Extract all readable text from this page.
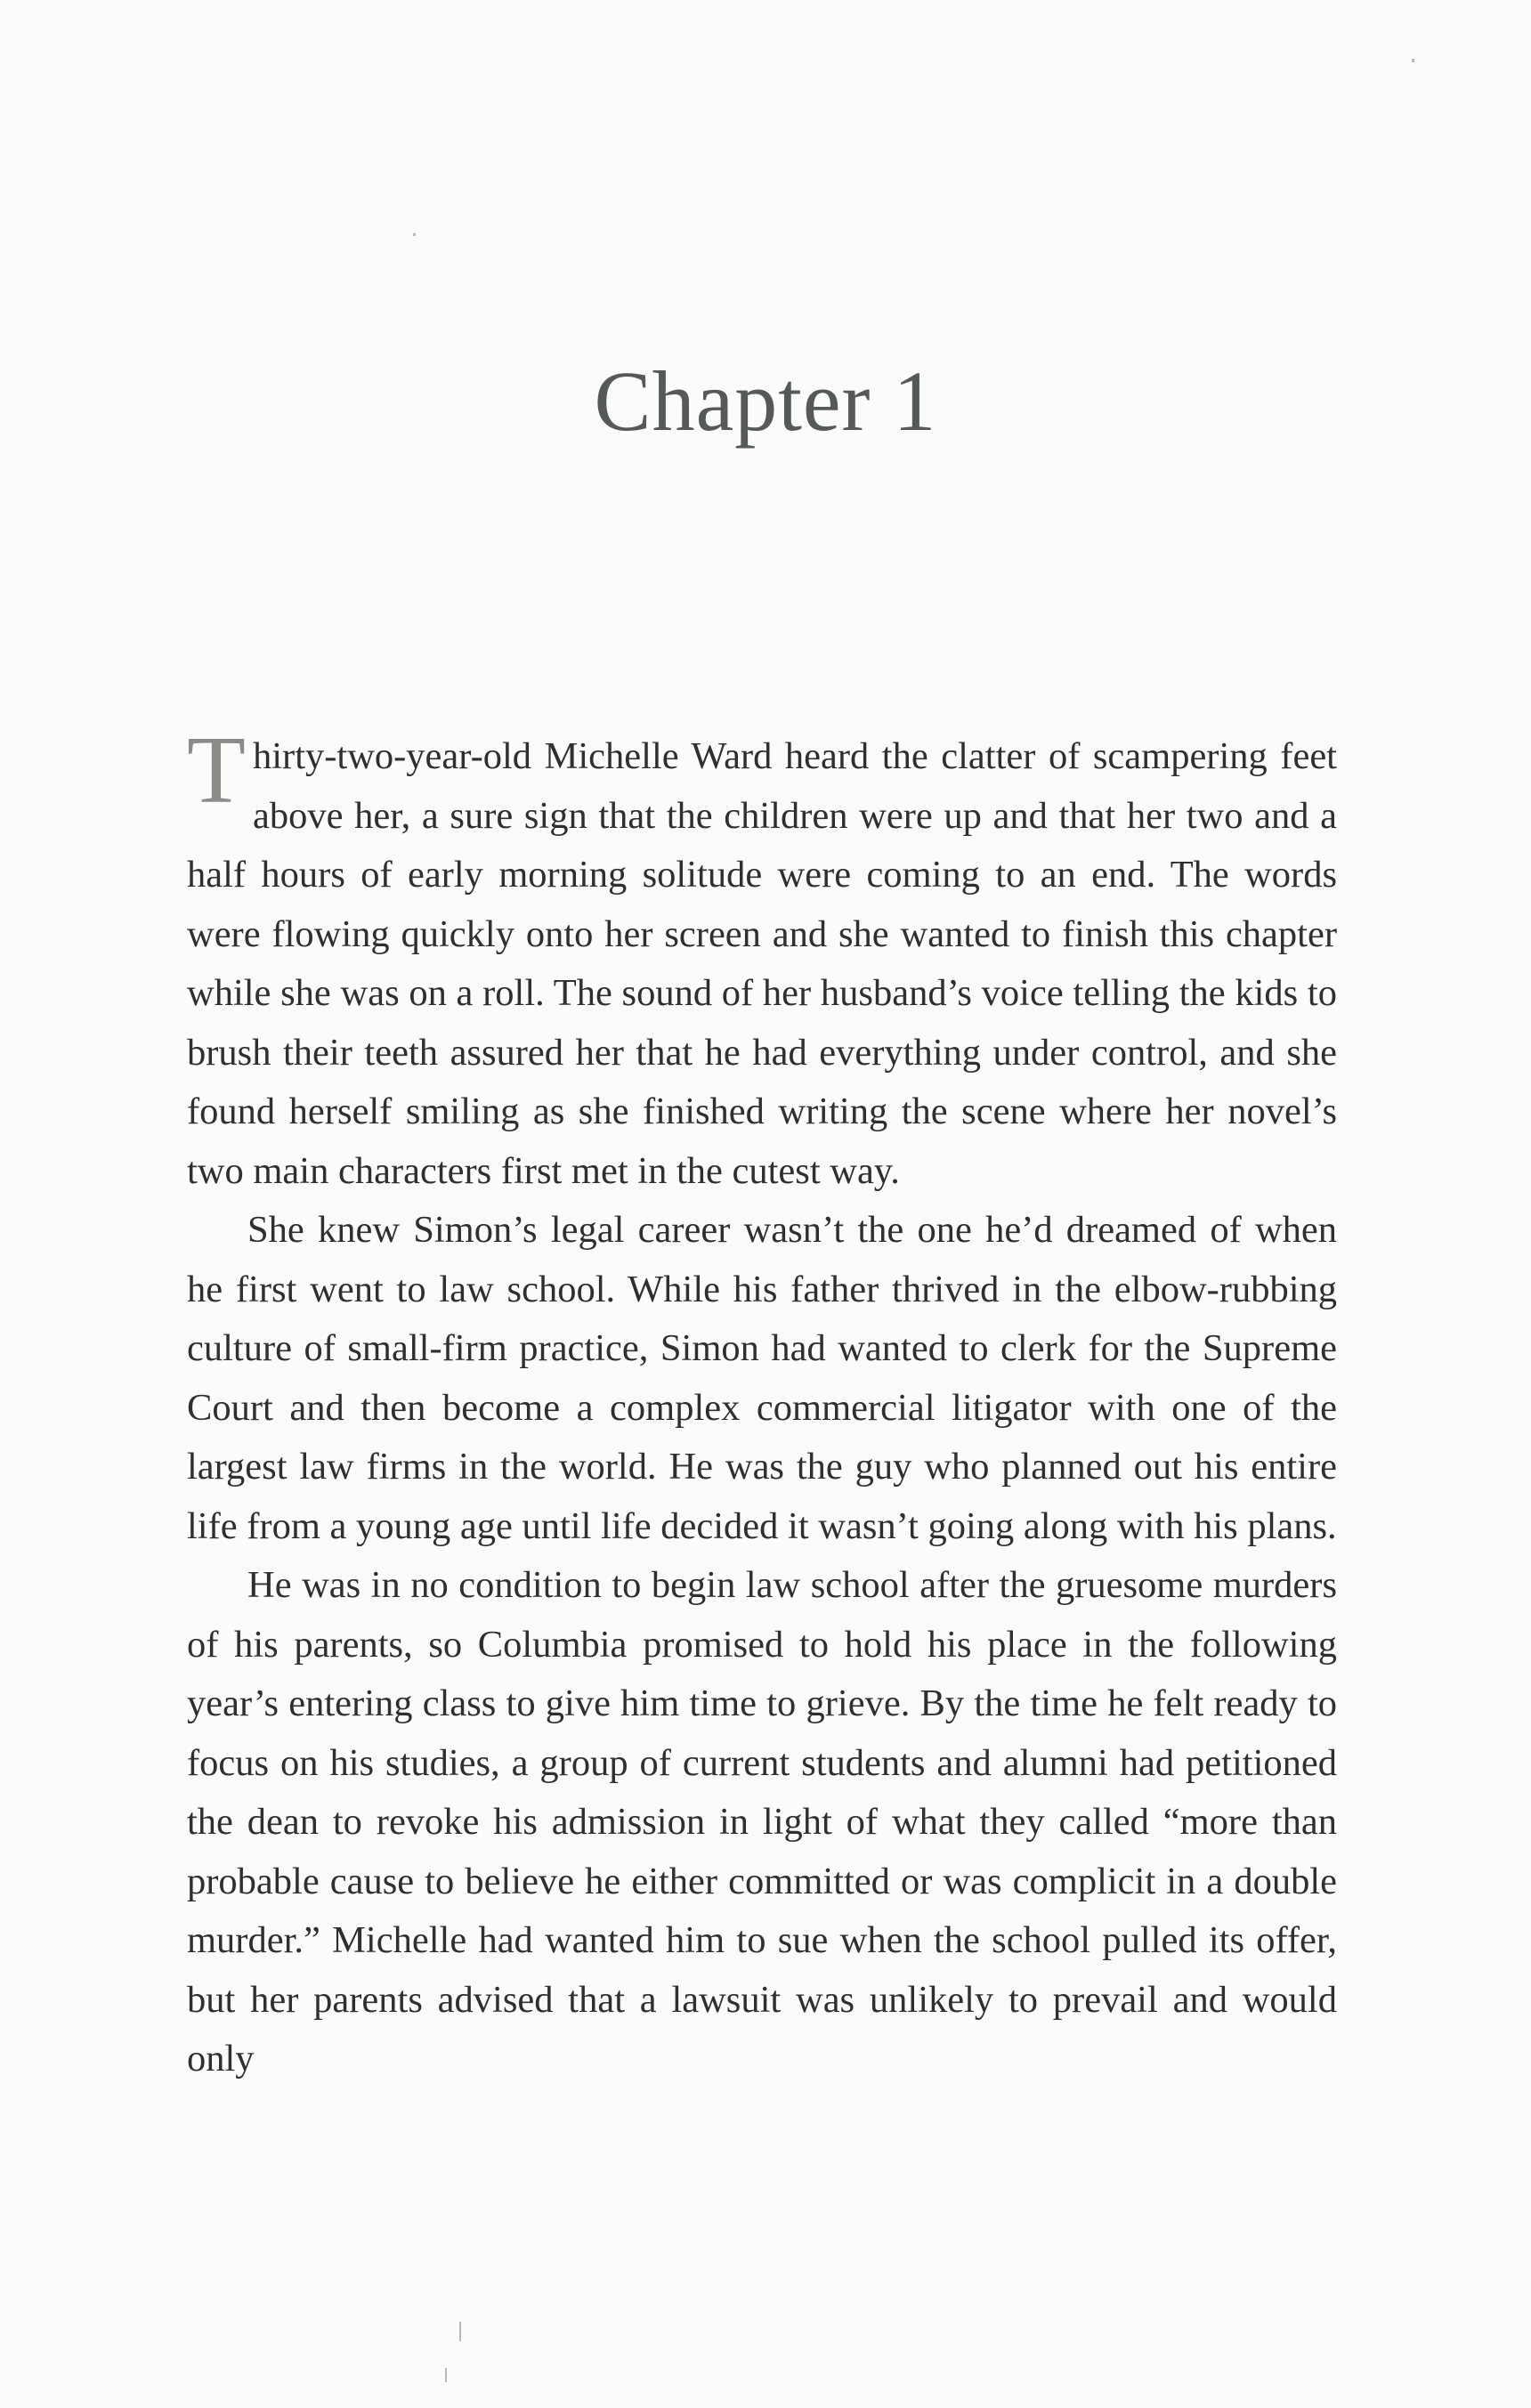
Chapter 1

Thirty-two-year-old Michelle Ward heard the clatter of scampering feet above her, a sure sign that the children were up and that her two and a half hours of early morning solitude were coming to an end. The words were flowing quickly onto her screen and she wanted to finish this chapter while she was on a roll. The sound of her husband’s voice telling the kids to brush their teeth assured her that he had everything under control, and she found herself smiling as she finished writing the scene where her novel’s two main characters first met in the cutest way.

She knew Simon’s legal career wasn’t the one he’d dreamed of when he first went to law school. While his father thrived in the elbow-rubbing culture of small-firm practice, Simon had wanted to clerk for the Supreme Court and then become a complex commercial litigator with one of the largest law firms in the world. He was the guy who planned out his entire life from a young age until life decided it wasn’t going along with his plans.

He was in no condition to begin law school after the gruesome murders of his parents, so Columbia promised to hold his place in the following year’s entering class to give him time to grieve. By the time he felt ready to focus on his studies, a group of current students and alumni had petitioned the dean to revoke his admission in light of what they called “more than probable cause to believe he either committed or was complicit in a double murder.” Michelle had wanted him to sue when the school pulled its offer, but her parents advised that a lawsuit was unlikely to prevail and would only
